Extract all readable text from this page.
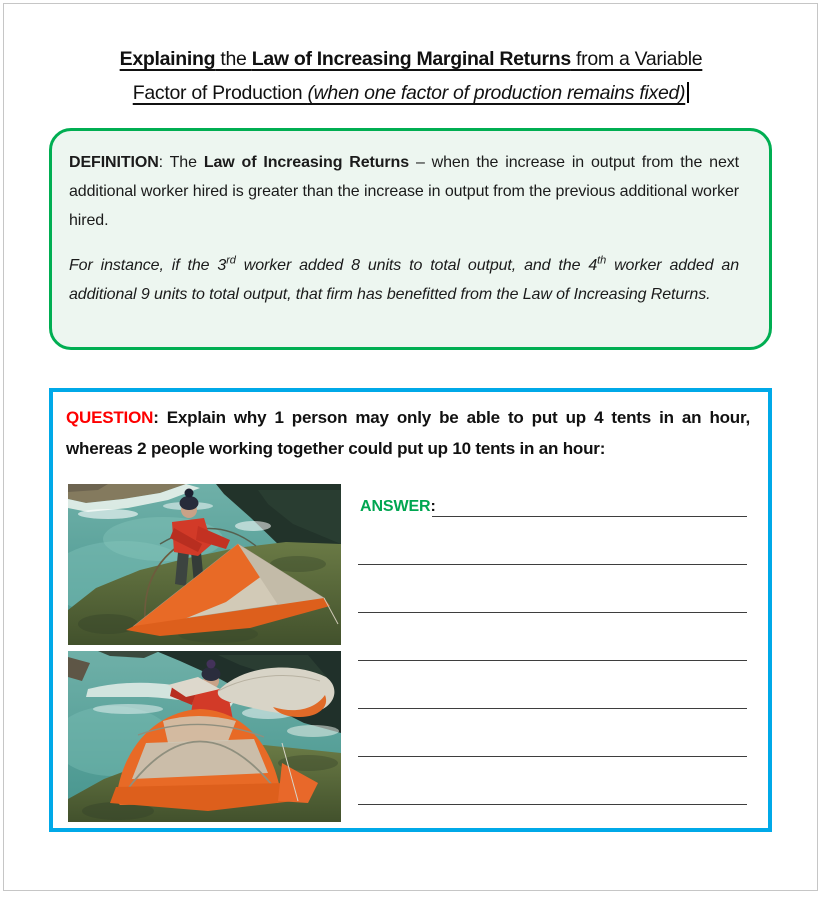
Explaining the Law of Increasing Marginal Returns from a Variable
Factor of Production (when one factor of production remains fixed)

DEFINITION: The Law of Increasing Returns – when the increase in output from the next additional worker hired is greater than the increase in output from the previous additional worker hired.

For instance, if the 3rd worker added 8 units to total output, and the 4th worker added an additional 9 units to total output, that firm has benefitted from the Law of Increasing Returns.

QUESTION: Explain why 1 person may only be able to put up 4 tents in an hour, whereas 2 people working together could put up 10 tents in an hour:
ANSWER:
